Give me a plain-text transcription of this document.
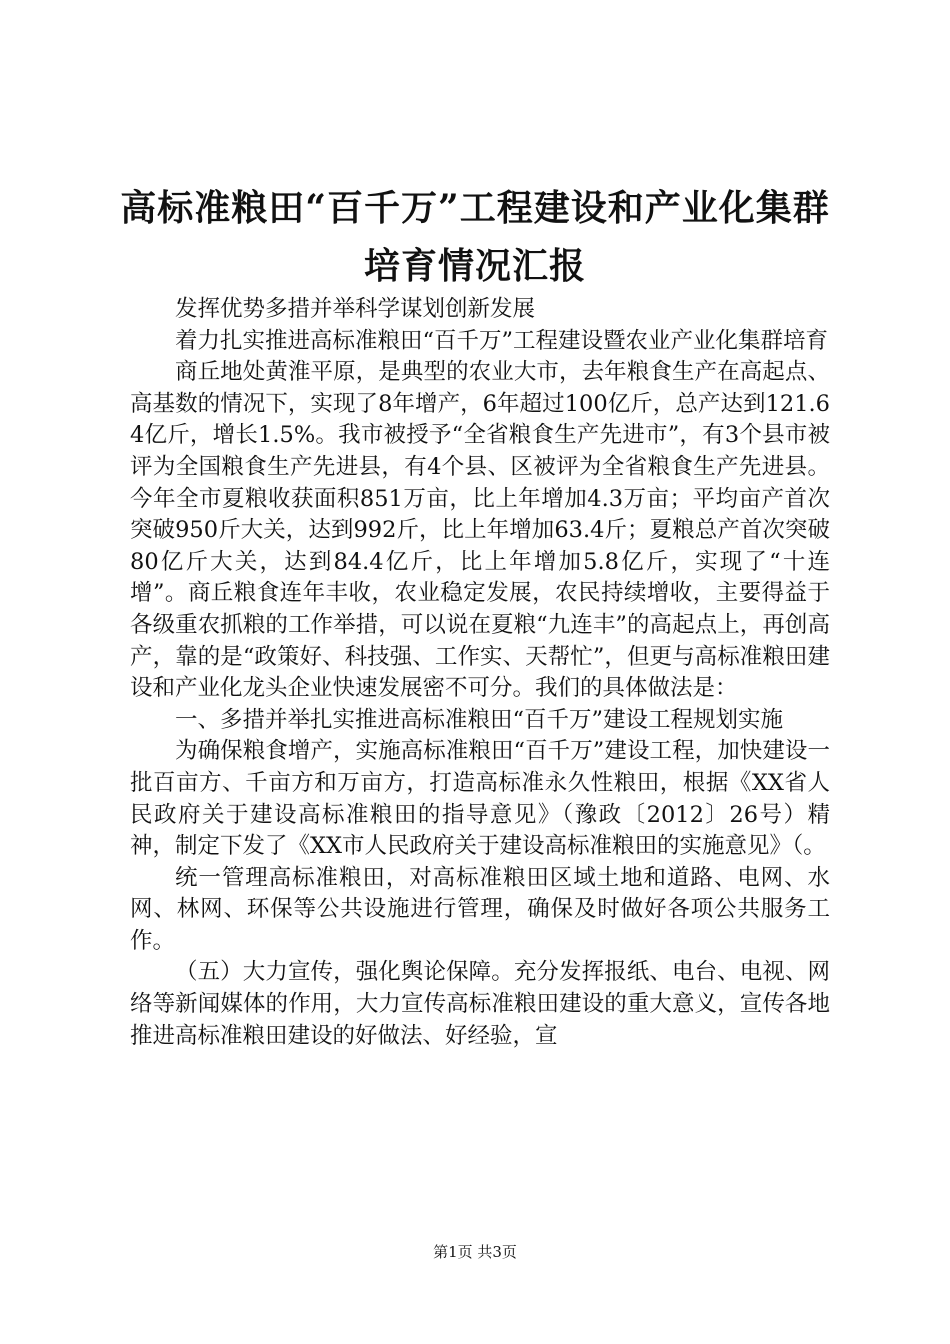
高标准粮田“百千万”工程建设和产业化集群
培育情况汇报

发挥优势多措并举科学谋划创新发展

着力扎实推进高标准粮田“百千万”工程建设暨农业产业化集群培育

商丘地处黄淮平原，是典型的农业大市，去年粮食生产在高起点、高基数的情况下，实现了8年增产，6年超过100亿斤，总产达到121.64亿斤，增长1.5%。我市被授予“全省粮食生产先进市”，有3个县市被评为全国粮食生产先进县，有4个县、区被评为全省粮食生产先进县。今年全市夏粮收获面积851万亩，比上年增加4.3万亩；平均亩产首次突破950斤大关，达到992斤，比上年增加63.4斤；夏粮总产首次突破80亿斤大关，达到84.4亿斤，比上年增加5.8亿斤，实现了“十连增”。商丘粮食连年丰收，农业稳定发展，农民持续增收，主要得益于各级重农抓粮的工作举措，可以说在夏粮“九连丰”的高起点上，再创高产，靠的是“政策好、科技强、工作实、天帮忙”，但更与高标准粮田建设和产业化龙头企业快速发展密不可分。我们的具体做法是：

一、多措并举扎实推进高标准粮田“百千万”建设工程规划实施

为确保粮食增产，实施高标准粮田“百千万”建设工程，加快建设一批百亩方、千亩方和万亩方，打造高标准永久性粮田，根据《XX省人民政府关于建设高标准粮田的指导意见》（豫政〔2012〕26号）精神，制定下发了《XX市人民政府关于建设高标准粮田的实施意见》（。

统一管理高标准粮田，对高标准粮田区域土地和道路、电网、水网、林网、环保等公共设施进行管理，确保及时做好各项公共服务工作。

（五）大力宣传，强化舆论保障。充分发挥报纸、电台、电视、网络等新闻媒体的作用，大力宣传高标准粮田建设的重大意义，宣传各地推进高标准粮田建设的好做法、好经验，宣

第1页 共3页
